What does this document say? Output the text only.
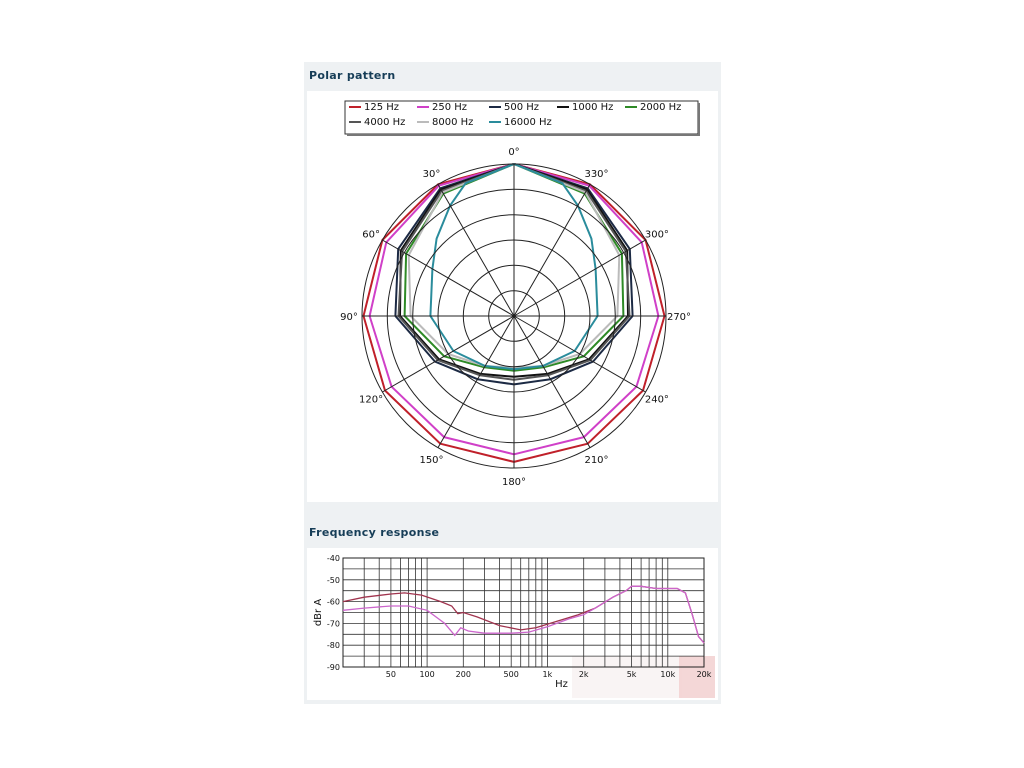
Polar pattern
125 Hz	250 Hz	500 Hz	1000 Hz	2000 Hz
4000 Hz	8000 Hz	16000 Hz
0°
30°
60°
90°
120°
150°
180°
210°
240°
270°
300°
330°
Frequency response
-40
-50
-60
-70
-80
-90
50	100	200	500	1k	2k	5k	10k	20k
Hz
dBr A
